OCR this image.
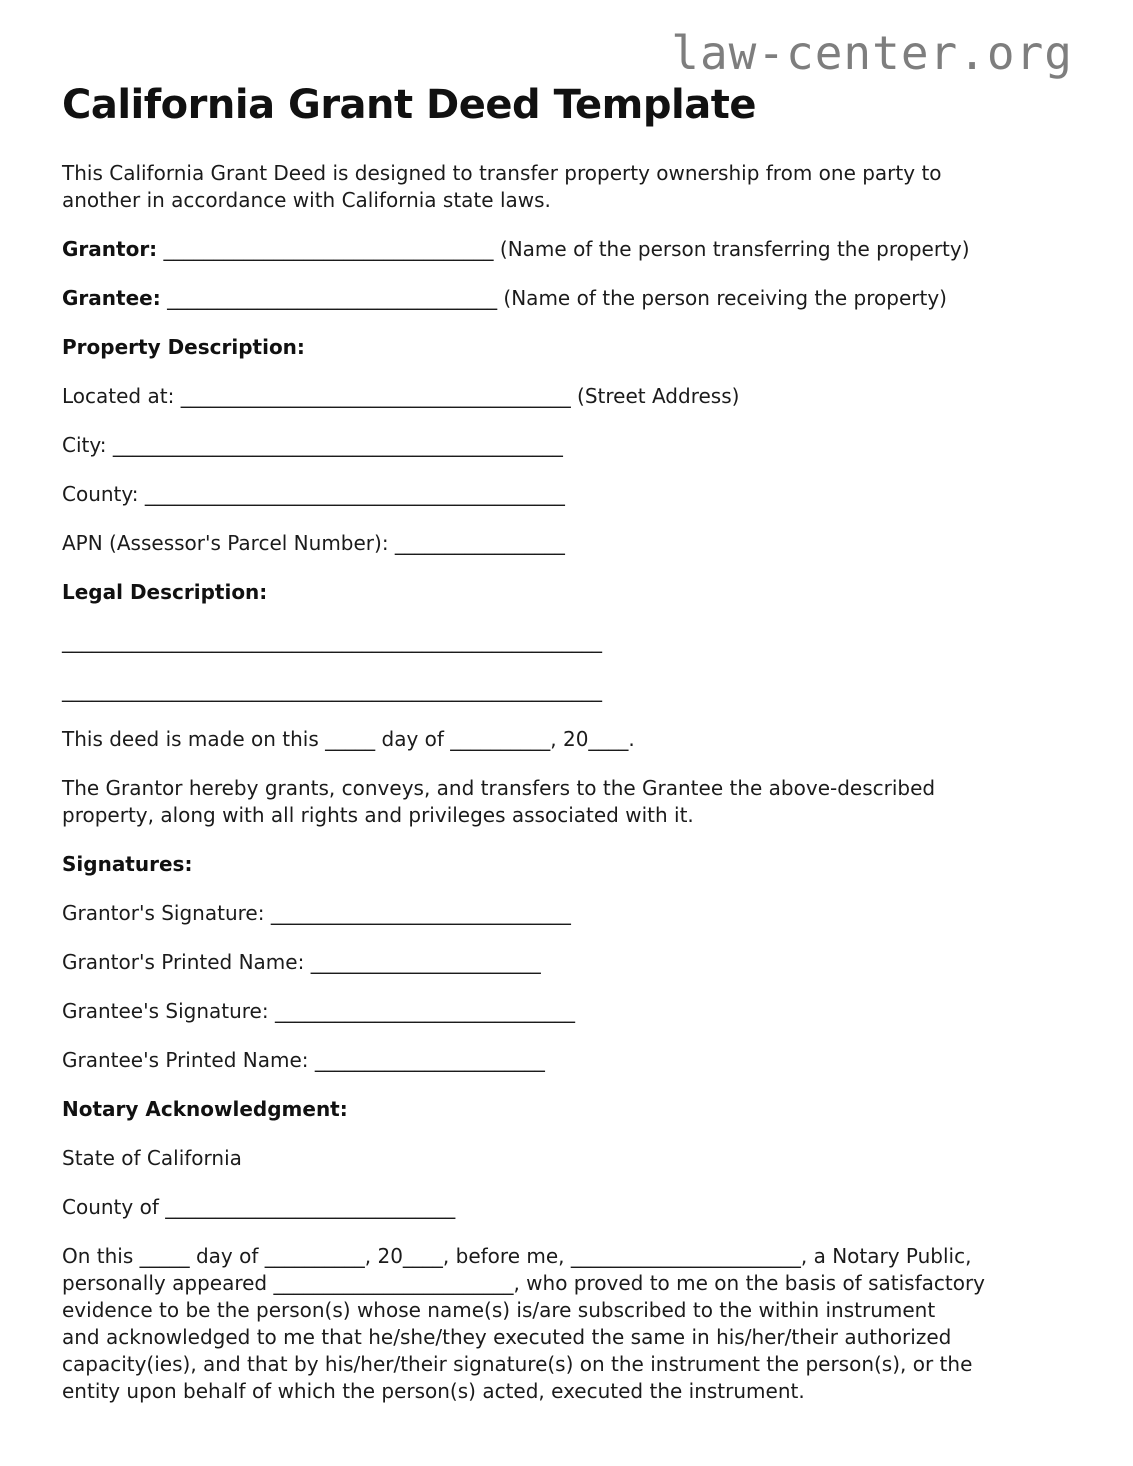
law-center.org
California Grant Deed Template

This California Grant Deed is designed to transfer property ownership from one party to
another in accordance with California state laws.

Grantor: _________________________________ (Name of the person transferring the property)

Grantee: _________________________________ (Name of the person receiving the property)

Property Description:

Located at: _______________________________________ (Street Address)

City: _____________________________________________

County: __________________________________________

APN (Assessor's Parcel Number): _________________

Legal Description:

______________________________________________________

______________________________________________________

This deed is made on this _____ day of __________, 20____.

The Grantor hereby grants, conveys, and transfers to the Grantee the above-described
property, along with all rights and privileges associated with it.

Signatures:

Grantor's Signature: ______________________________

Grantor's Printed Name: _______________________

Grantee's Signature: ______________________________

Grantee's Printed Name: _______________________

Notary Acknowledgment:

State of California

County of _____________________________

On this _____ day of __________, 20____, before me, _______________________, a Notary Public,
personally appeared ________________________, who proved to me on the basis of satisfactory
evidence to be the person(s) whose name(s) is/are subscribed to the within instrument
and acknowledged to me that he/she/they executed the same in his/her/their authorized
capacity(ies), and that by his/her/their signature(s) on the instrument the person(s), or the
entity upon behalf of which the person(s) acted, executed the instrument.
